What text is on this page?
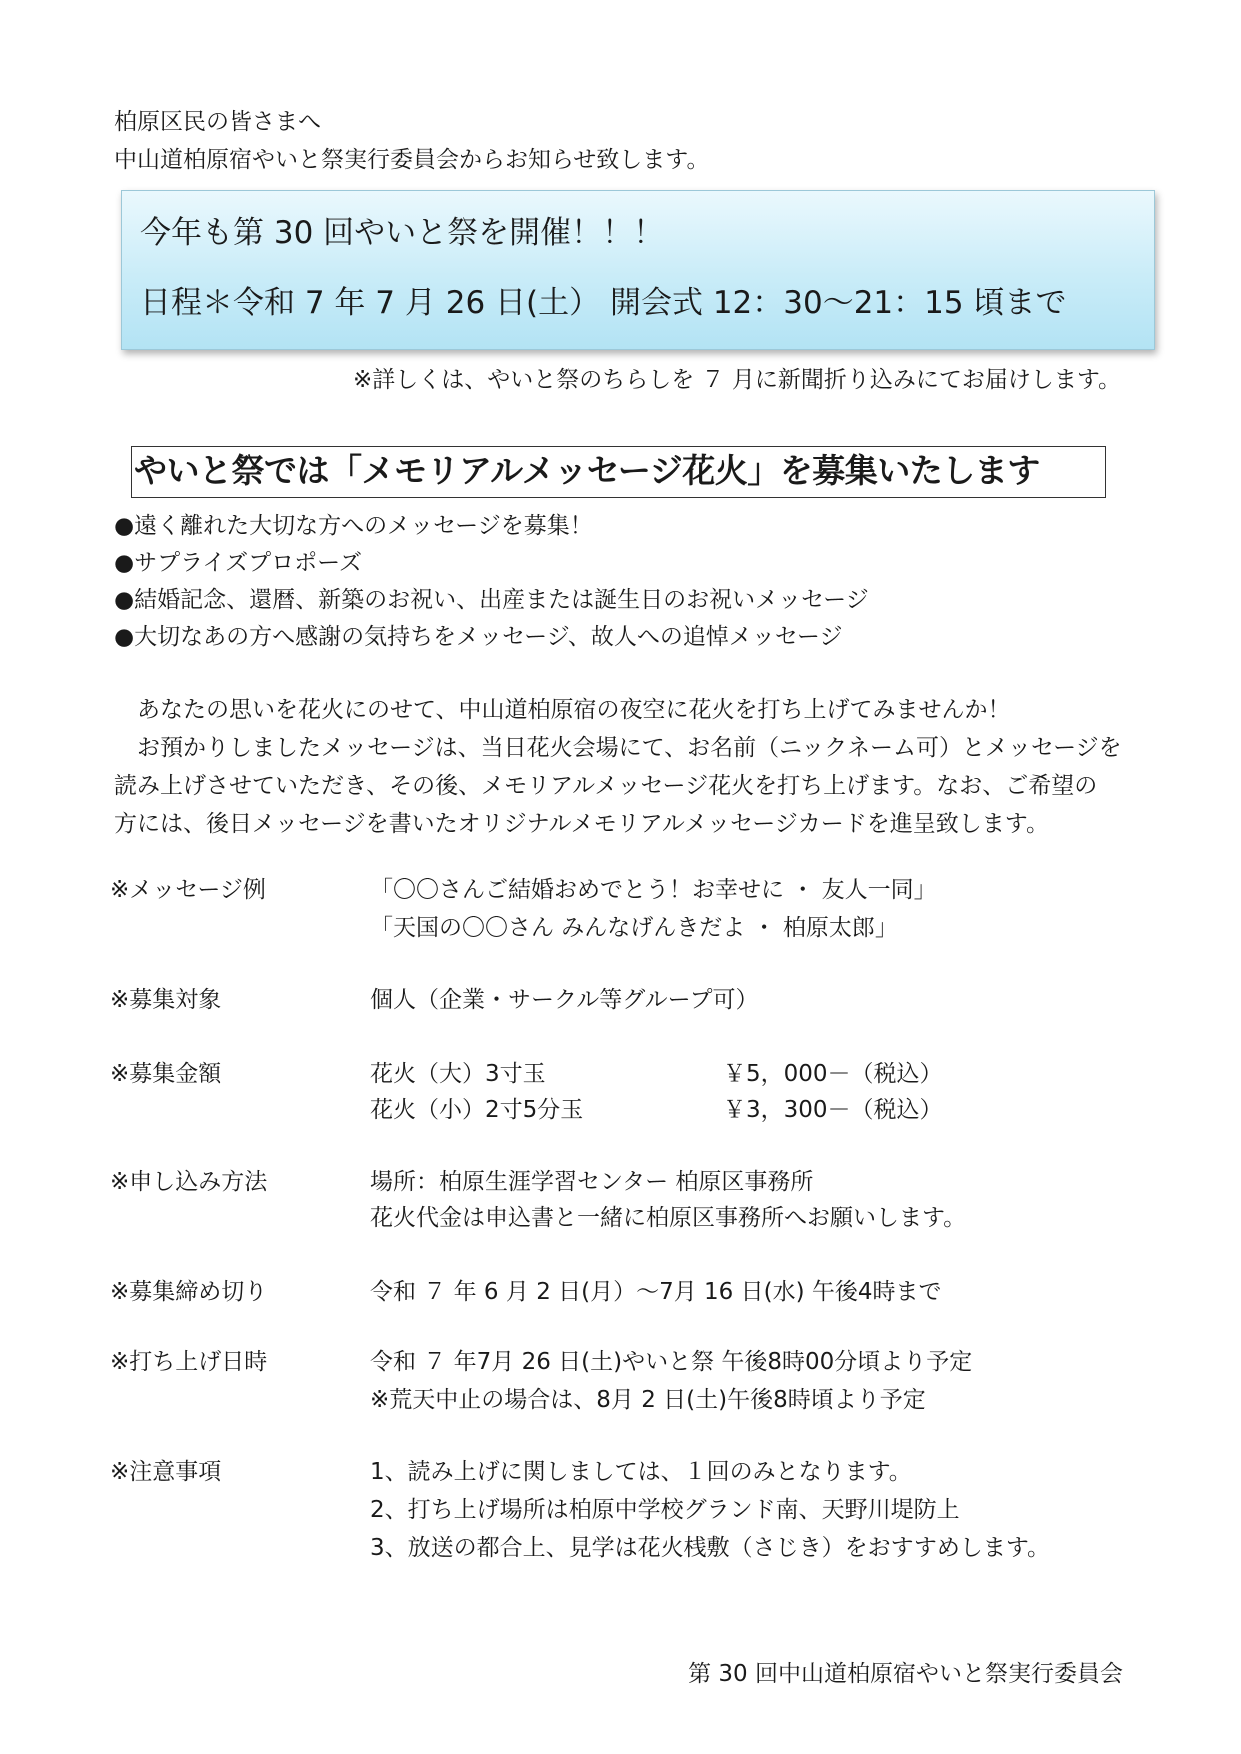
柏原区民の皆さまへ
中山道柏原宿やいと祭実行委員会からお知らせ致します。
今年も第 30 回やいと祭を開催！！！
日程＊令和 7 年 7 月 26 日(土） 開会式 12：30～21：15 頃まで
※詳しくは、やいと祭のちらしを ７ 月に新聞折り込みにてお届けします。
やいと祭では「メモリアルメッセージ花火」を募集いたします
●遠く離れた大切な方へのメッセージを募集！
●サプライズプロポーズ
●結婚記念、還暦、新築のお祝い、出産または誕生日のお祝いメッセージ
●大切なあの方へ感謝の気持ちをメッセージ、故人への追悼メッセージ
　あなたの思いを花火にのせて、中山道柏原宿の夜空に花火を打ち上げてみませんか！
　お預かりしましたメッセージは、当日花火会場にて、お名前（ニックネーム可）とメッセージを
読み上げさせていただき、その後、メモリアルメッセージ花火を打ち上げます。なお、ご希望の
方には、後日メッセージを書いたオリジナルメモリアルメッセージカードを進呈致します。
※メッセージ例	「〇〇さんご結婚おめでとう！お幸せに ・ 友人一同」
「天国の〇〇さん みんなげんきだよ ・ 柏原太郎」
※募集対象	個人（企業・サークル等グループ可）
※募集金額	花火（大）3寸玉	￥5，000－（税込）
花火（小）2寸5分玉	￥3，300－（税込）
※申し込み方法	場所：柏原生涯学習センター 柏原区事務所
花火代金は申込書と一緒に柏原区事務所へお願いします。
※募集締め切り	令和 ７ 年 6 月 2 日(月）～7月 16 日(水) 午後4時まで
※打ち上げ日時	令和 ７ 年7月 26 日(土)やいと祭 午後8時00分頃より予定
※荒天中止の場合は、8月 2 日(土)午後8時頃より予定
※注意事項	1、読み上げに関しましては、１回のみとなります。
2、打ち上げ場所は柏原中学校グランド南、天野川堤防上
3、放送の都合上、見学は花火桟敷（さじき）をおすすめします。
第 30 回中山道柏原宿やいと祭実行委員会
